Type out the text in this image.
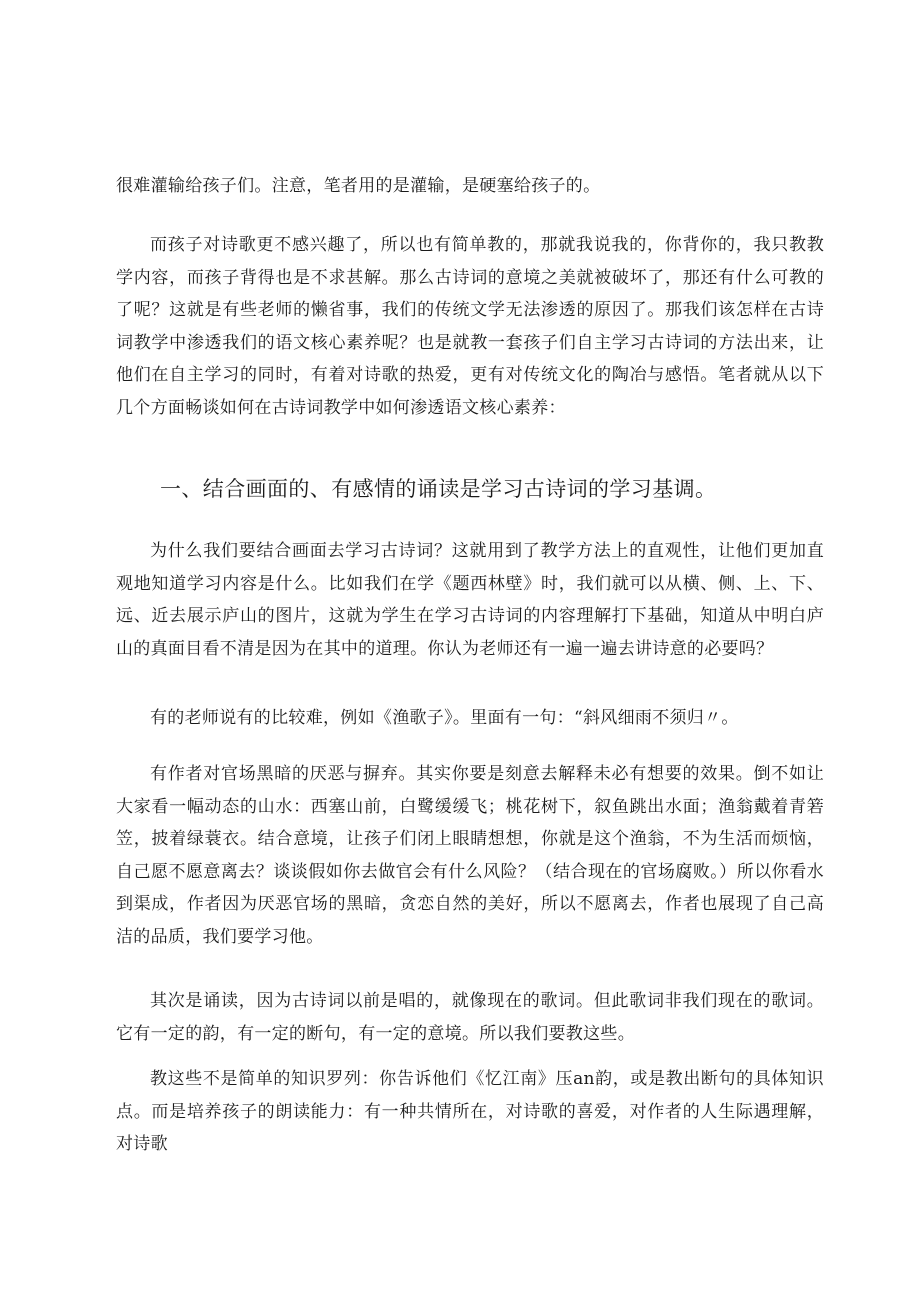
很难灌输给孩子们。注意，笔者用的是灌输，是硬塞给孩子的。

而孩子对诗歌更不感兴趣了，所以也有简单教的，那就我说我的，你背你的，我只教教学内容，而孩子背得也是不求甚解。那么古诗词的意境之美就被破坏了，那还有什么可教的了呢？这就是有些老师的懒省事，我们的传统文学无法渗透的原因了。那我们该怎样在古诗词教学中渗透我们的语文核心素养呢？也是就教一套孩子们自主学习古诗词的方法出来，让他们在自主学习的同时，有着对诗歌的热爱，更有对传统文化的陶冶与感悟。笔者就从以下几个方面畅谈如何在古诗词教学中如何渗透语文核心素养：

一、结合画面的、有感情的诵读是学习古诗词的学习基调。

为什么我们要结合画面去学习古诗词？这就用到了教学方法上的直观性，让他们更加直观地知道学习内容是什么。比如我们在学《题西林壁》时，我们就可以从横、侧、上、下、远、近去展示庐山的图片，这就为学生在学习古诗词的内容理解打下基础，知道从中明白庐山的真面目看不清是因为在其中的道理。你认为老师还有一遍一遍去讲诗意的必要吗？

有的老师说有的比较难，例如《渔歌子》。里面有一句：“斜风细雨不须归〃。

有作者对官场黑暗的厌恶与摒弃。其实你要是刻意去解释未必有想要的效果。倒不如让大家看一幅动态的山水：西塞山前，白鹭缓缓飞；桃花树下，叙鱼跳出水面；渔翁戴着青箬笠，披着绿蓑衣。结合意境，让孩子们闭上眼睛想想，你就是这个渔翁，不为生活而烦恼，自己愿不愿意离去？谈谈假如你去做官会有什么风险？（结合现在的官场腐败。）所以你看水到渠成，作者因为厌恶官场的黑暗，贪恋自然的美好，所以不愿离去，作者也展现了自己高洁的品质，我们要学习他。

其次是诵读，因为古诗词以前是唱的，就像现在的歌词。但此歌词非我们现在的歌词。它有一定的韵，有一定的断句，有一定的意境。所以我们要教这些。

教这些不是简单的知识罗列：你告诉他们《忆江南》压an韵，或是教出断句的具体知识点。而是培养孩子的朗读能力：有一种共情所在，对诗歌的喜爱，对作者的人生际遇理解，对诗歌
